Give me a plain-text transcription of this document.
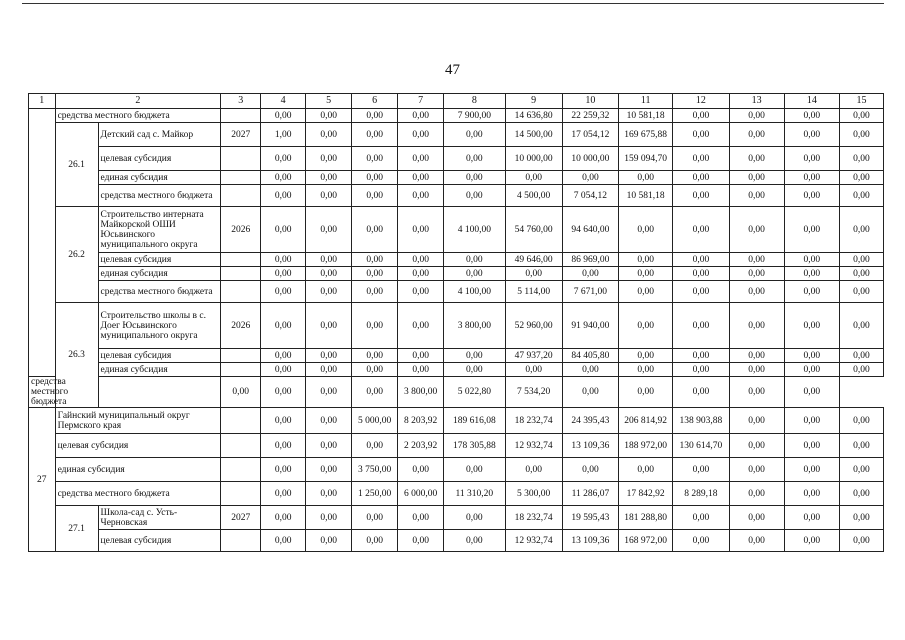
47
1	2		3	4	5	6	7	8	9	10	11	12	13	14	15
	средства местного бюджета			0,00	0,00	0,00	0,00	7 900,00	14 636,80	22 259,32	10 581,18	0,00	0,00	0,00	0,00
	26.1	Детский сад с. Майкор	2027	1,00	0,00	0,00	0,00	0,00	14 500,00	17 054,12	169 675,88	0,00	0,00	0,00	0,00
		целевая субсидия		0,00	0,00	0,00	0,00	0,00	10 000,00	10 000,00	159 094,70	0,00	0,00	0,00	0,00
		единая субсидия		0,00	0,00	0,00	0,00	0,00	0,00	0,00	0,00	0,00	0,00	0,00	0,00
		средства местного бюджета		0,00	0,00	0,00	0,00	0,00	4 500,00	7 054,12	10 581,18	0,00	0,00	0,00	0,00
	26.2	Строительство интерната Майкорской ОШИ Юсьвинского муниципального округа	2026	0,00	0,00	0,00	0,00	4 100,00	54 760,00	94 640,00	0,00	0,00	0,00	0,00	0,00
		целевая субсидия		0,00	0,00	0,00	0,00	0,00	49 646,00	86 969,00	0,00	0,00	0,00	0,00	0,00
		единая субсидия		0,00	0,00	0,00	0,00	0,00	0,00	0,00	0,00	0,00	0,00	0,00	0,00
		средства местного бюджета		0,00	0,00	0,00	0,00	4 100,00	5 114,00	7 671,00	0,00	0,00	0,00	0,00	0,00
	26.3	Строительство школы в с. Доег Юсьвинского муниципального округа	2026	0,00	0,00	0,00	0,00	3 800,00	52 960,00	91 940,00	0,00	0,00	0,00	0,00	0,00
		целевая субсидия		0,00	0,00	0,00	0,00	0,00	47 937,20	84 405,80	0,00	0,00	0,00	0,00	0,00
		единая субсидия		0,00	0,00	0,00	0,00	0,00	0,00	0,00	0,00	0,00	0,00	0,00	0,00
средства местного бюджета			0,00	0,00	0,00	0,00	3 800,00	5 022,80	7 534,20	0,00	0,00	0,00	0,00	0,00	
27	Гайнский муниципальный округ Пермского края			0,00	0,00	5 000,00	8 203,92	189 616,08	18 232,74	24 395,43	206 814,92	138 903,88	0,00	0,00	0,00
	целевая субсидия			0,00	0,00	0,00	2 203,92	178 305,88	12 932,74	13 109,36	188 972,00	130 614,70	0,00	0,00	0,00
	единая субсидия			0,00	0,00	3 750,00	0,00	0,00	0,00	0,00	0,00	0,00	0,00	0,00	0,00
	средства местного бюджета			0,00	0,00	1 250,00	6 000,00	11 310,20	5 300,00	11 286,07	17 842,92	8 289,18	0,00	0,00	0,00
	27.1	Школа-сад с. Усть-Черновская	2027	0,00	0,00	0,00	0,00	0,00	18 232,74	19 595,43	181 288,80	0,00	0,00	0,00	0,00
		целевая субсидия		0,00	0,00	0,00	0,00	0,00	12 932,74	13 109,36	168 972,00	0,00	0,00	0,00	0,00
